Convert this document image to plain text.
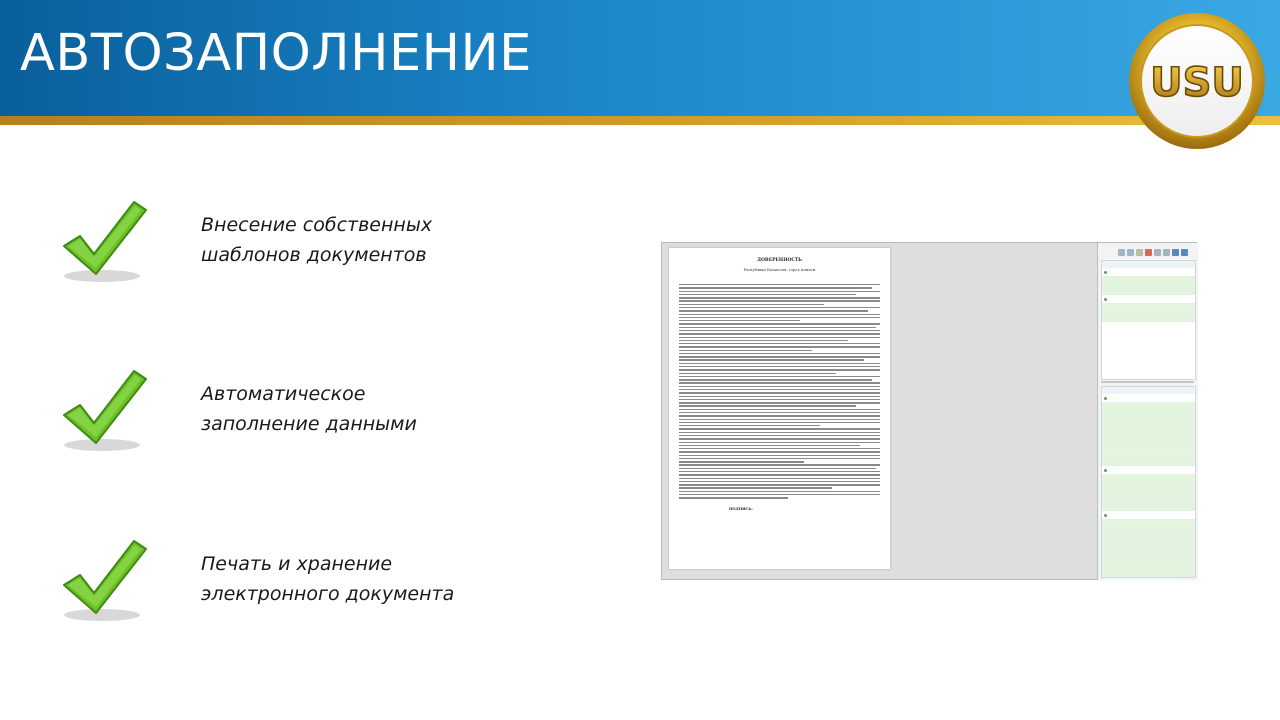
АВТОЗАПОЛНЕНИЕ	USU
Внесение собственных
шаблонов документов
Автоматическое
заполнение данными
Печать и хранение
электронного документа
ДОВЕРЕННОСТЬ
Республика Казахстан, город Алматы
ПОДПИСЬ:
